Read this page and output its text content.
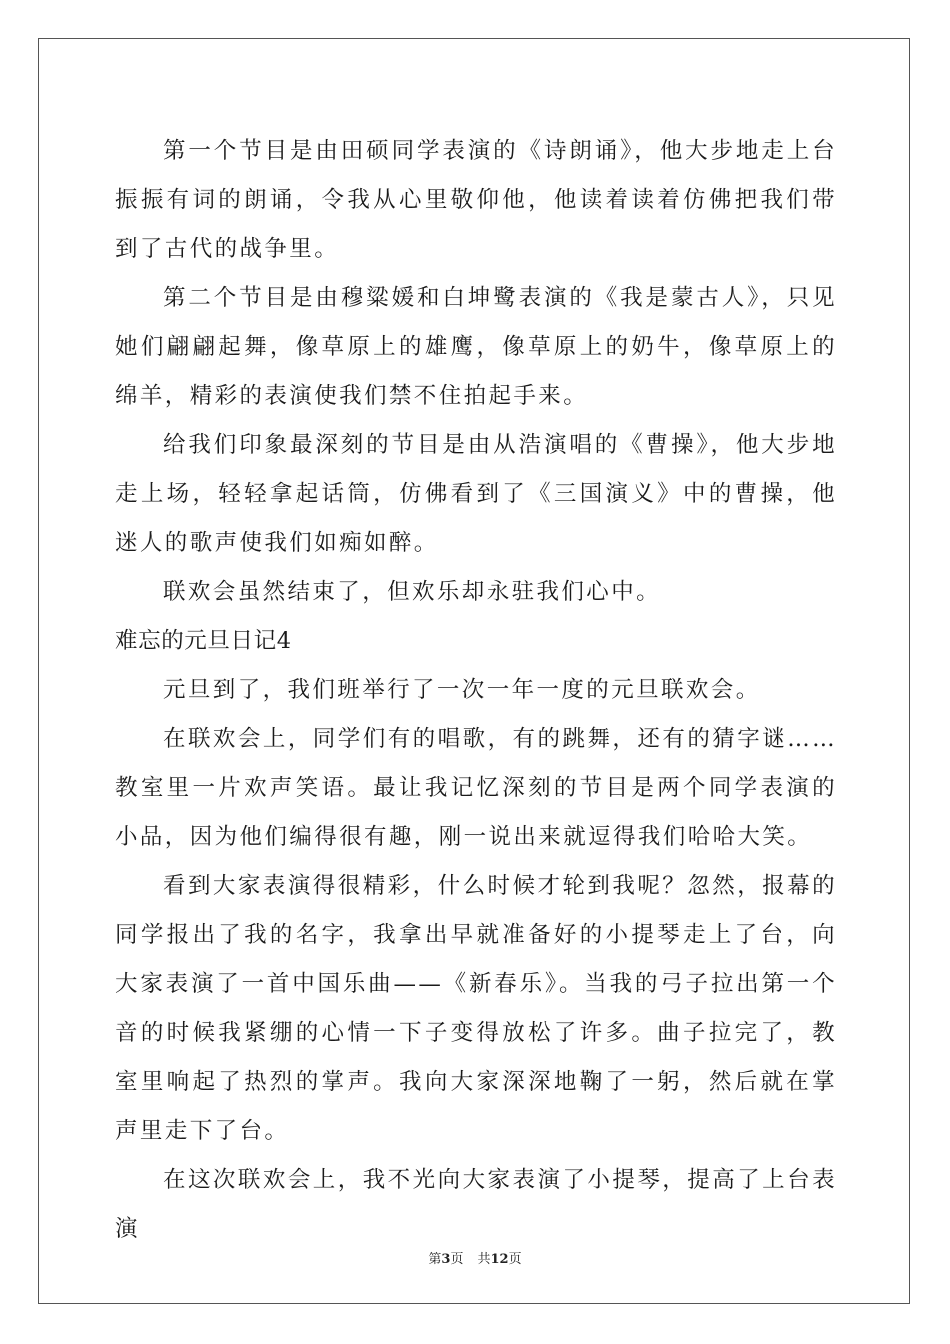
第一个节目是由田硕同学表演的《诗朗诵》，他大步地走上台振振有词的朗诵，令我从心里敬仰他，他读着读着仿佛把我们带到了古代的战争里。

第二个节目是由穆粱媛和白坤鹭表演的《我是蒙古人》，只见她们翩翩起舞，像草原上的雄鹰，像草原上的奶牛，像草原上的绵羊，精彩的表演使我们禁不住拍起手来。

给我们印象最深刻的节目是由从浩演唱的《曹操》，他大步地走上场，轻轻拿起话筒，仿佛看到了《三国演义》中的曹操，他迷人的歌声使我们如痴如醉。

联欢会虽然结束了，但欢乐却永驻我们心中。

难忘的元旦日记4

元旦到了，我们班举行了一次一年一度的元旦联欢会。

在联欢会上，同学们有的唱歌，有的跳舞，还有的猜字谜……教室里一片欢声笑语。最让我记忆深刻的节目是两个同学表演的小品，因为他们编得很有趣，刚一说出来就逗得我们哈哈大笑。

看到大家表演得很精彩，什么时候才轮到我呢？忽然，报幕的同学报出了我的名字，我拿出早就准备好的小提琴走上了台，向大家表演了一首中国乐曲——《新春乐》。当我的弓子拉出第一个音的时候我紧绷的心情一下子变得放松了许多。曲子拉完了，教室里响起了热烈的掌声。我向大家深深地鞠了一躬，然后就在掌声里走下了台。

在这次联欢会上，我不光向大家表演了小提琴，提高了上台表演

第3页 共12页
